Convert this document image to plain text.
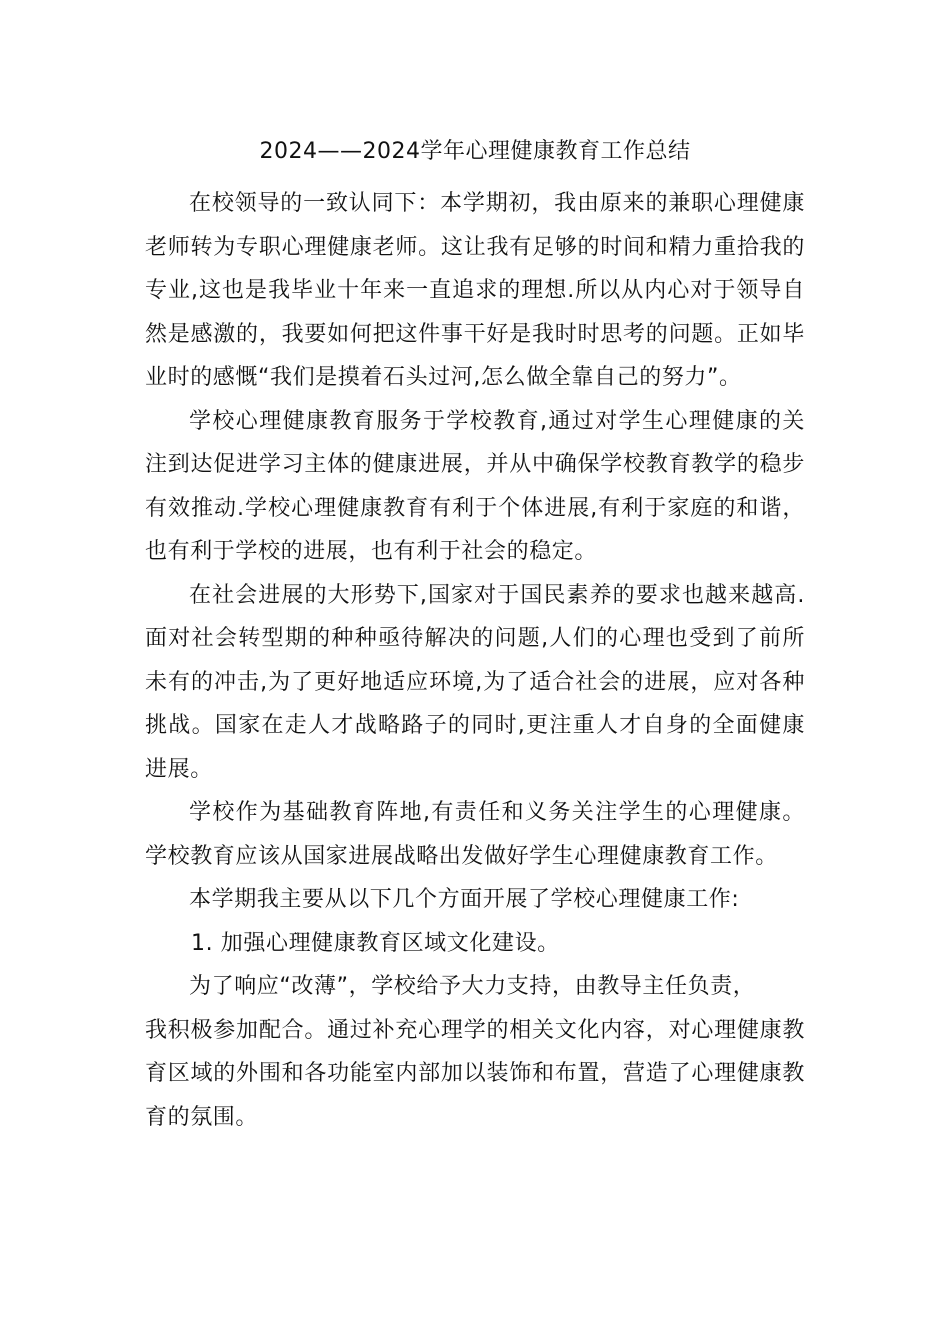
2024——2024学年心理健康教育工作总结

在校领导的一致认同下：本学期初，我由原来的兼职心理健康老师转为专职心理健康老师。这让我有足够的时间和精力重拾我的专业,这也是我毕业十年来一直追求的理想.所以从内心对于领导自然是感激的，我要如何把这件事干好是我时时思考的问题。正如毕业时的感慨“我们是摸着石头过河,怎么做全靠自己的努力”。

学校心理健康教育服务于学校教育,通过对学生心理健康的关注到达促进学习主体的健康进展，并从中确保学校教育教学的稳步有效推动.学校心理健康教育有利于个体进展,有利于家庭的和谐，也有利于学校的进展，也有利于社会的稳定。

在社会进展的大形势下,国家对于国民素养的要求也越来越高.面对社会转型期的种种亟待解决的问题,人们的心理也受到了前所未有的冲击,为了更好地适应环境,为了适合社会的进展，应对各种挑战。国家在走人才战略路子的同时,更注重人才自身的全面健康进展。

学校作为基础教育阵地,有责任和义务关注学生的心理健康。学校教育应该从国家进展战略出发做好学生心理健康教育工作。

本学期我主要从以下几个方面开展了学校心理健康工作:

1. 加强心理健康教育区域文化建设。

为了响应“改薄”，学校给予大力支持，由教导主任负责，

我积极参加配合。通过补充心理学的相关文化内容，对心理健康教育区域的外围和各功能室内部加以装饰和布置，营造了心理健康教育的氛围。
